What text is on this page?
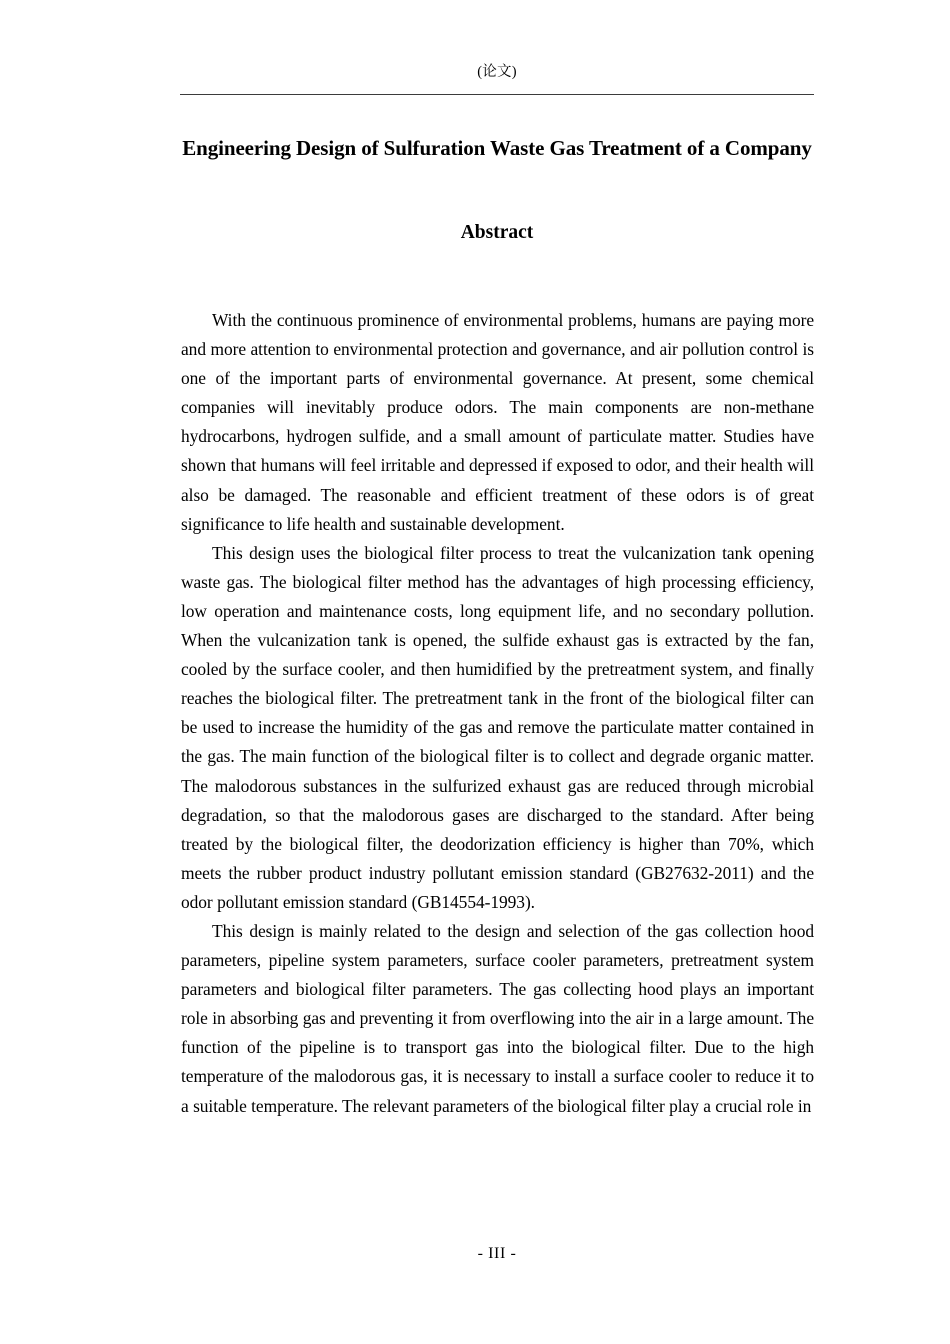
(论文)
Engineering Design of Sulfuration Waste Gas Treatment of a Company
Abstract

With the continuous prominence of environmental problems, humans are paying more and more attention to environmental protection and governance, and air pollution control is one of the important parts of environmental governance. At present, some chemical companies will inevitably produce odors. The main components are non-methane hydrocarbons, hydrogen sulfide, and a small amount of particulate matter. Studies have shown that humans will feel irritable and depressed if exposed to odor, and their health will also be damaged. The reasonable and efficient treatment of these odors is of great significance to life health and sustainable development.

This design uses the biological filter process to treat the vulcanization tank opening waste gas. The biological filter method has the advantages of high processing efficiency, low operation and maintenance costs, long equipment life, and no secondary pollution. When the vulcanization tank is opened, the sulfide exhaust gas is extracted by the fan, cooled by the surface cooler, and then humidified by the pretreatment system, and finally reaches the biological filter. The pretreatment tank in the front of the biological filter can be used to increase the humidity of the gas and remove the particulate matter contained in the gas. The main function of the biological filter is to collect and degrade organic matter. The malodorous substances in the sulfurized exhaust gas are reduced through microbial degradation, so that the malodorous gases are discharged to the standard. After being treated by the biological filter, the deodorization efficiency is higher than 70%, which meets the rubber product industry pollutant emission standard (GB27632-2011) and the odor pollutant emission standard (GB14554-1993).

This design is mainly related to the design and selection of the gas collection hood parameters, pipeline system parameters, surface cooler parameters, pretreatment system parameters and biological filter parameters. The gas collecting hood plays an important role in absorbing gas and preventing it from overflowing into the air in a large amount. The function of the pipeline is to transport gas into the biological filter. Due to the high temperature of the malodorous gas, it is necessary to install a surface cooler to reduce it to a suitable temperature. The relevant parameters of the biological filter play a crucial role in

- III -
